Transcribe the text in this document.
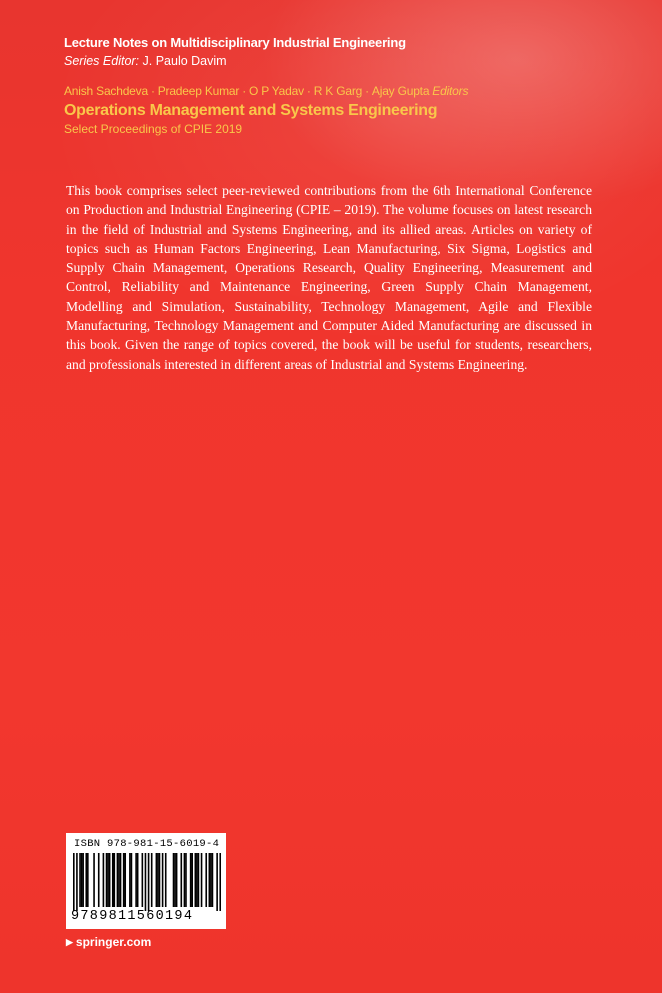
Lecture Notes on Multidisciplinary Industrial Engineering
Series Editor: J. Paulo Davim
Anish Sachdeva · Pradeep Kumar · O P Yadav · R K Garg · Ajay Gupta Editors
Operations Management and Systems Engineering
Select Proceedings of CPIE 2019
This book comprises select peer-reviewed contributions from the 6th International Conference on Production and Industrial Engineering (CPIE – 2019). The volume focuses on latest research in the field of Industrial and Systems Engineering, and its allied areas. Articles on variety of topics such as Human Factors Engineering, Lean Manufacturing, Six Sigma, Logistics and Supply Chain Management, Operations Research, Quality Engineering, Measurement and Control, Reliability and Maintenance Engineering, Green Supply Chain Management, Modelling and Simulation, Sustainability, Technology Management, Agile and Flexible Manufacturing, Technology Management and Computer Aided Manufacturing are discussed in this book. Given the range of topics covered, the book will be useful for students, researchers, and professionals interested in different areas of Industrial and Systems Engineering.
ISBN 978-981-15-6019-4
9789811560194
▶ springer.com
